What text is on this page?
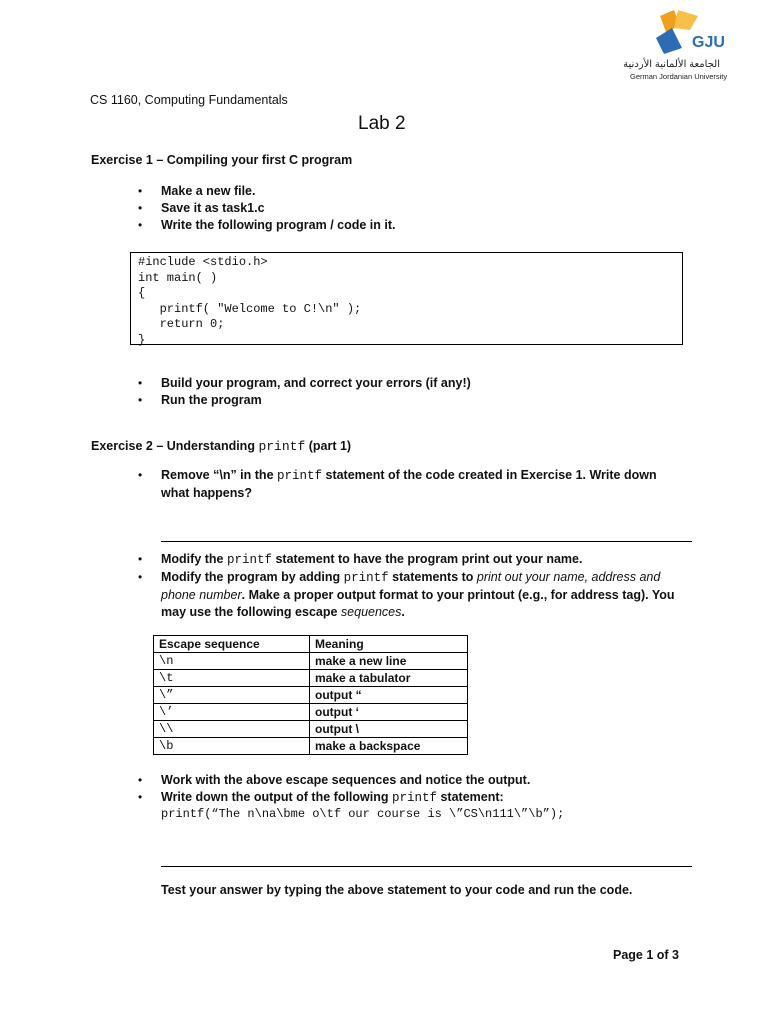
GJU
الجامعة الألمانية الأردنية
German Jordanian University
CS 1160, Computing Fundamentals
Lab 2
Exercise 1 – Compiling your first C program
• Make a new file.
• Save it as task1.c
• Write the following program / code in it.
#include <stdio.h>
int main( )
{
printf( "Welcome to C!\n" );
return 0;
}
• Build your program, and correct your errors (if any!)
• Run the program
Exercise 2 – Understanding printf (part 1)
• Remove “\n” in the printf statement of the code created in Exercise 1. Write down
what happens?
• Modify the printf statement to have the program print out your name.
• Modify the program by adding printf statements to print out your name, address and
phone number. Make a proper output format to your printout (e.g., for address tag). You
may use the following escape sequences.
Escape sequence	Meaning
\n	make a new line
\t	make a tabulator
\”	output “
\’	output ‘
\\	output \
\b	make a backspace
• Work with the above escape sequences and notice the output.
• Write down the output of the following printf statement:
printf(“The n\na\bme o\tf our course is \”CS\n111\”\b”);
Test your answer by typing the above statement to your code and run the code.
Page 1 of 3
